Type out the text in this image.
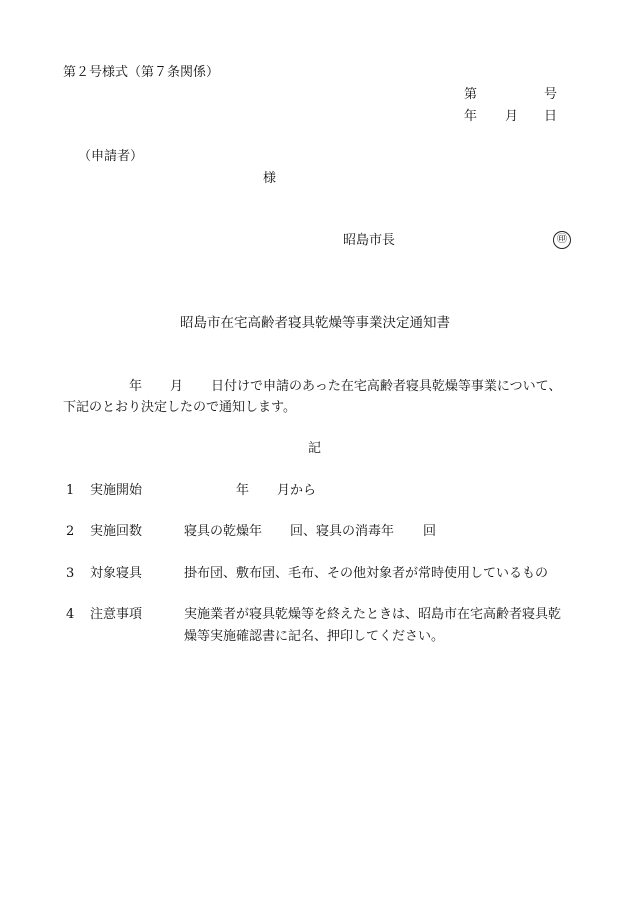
第２号様式（第７条関係）
第	号
年 月 日
（申請者）
様
昭島市長	㊞
昭島市在宅高齢者寝具乾燥等事業決定通知書
年 月 日付けで申請のあった在宅高齢者寝具乾燥等事業について、
下記のとおり決定したので通知します。
記
1 実施開始	年 月から
2 実施回数	寝具の乾燥年 回、寝具の消毒年 回
3 対象寝具	掛布団、敷布団、毛布、その他対象者が常時使用しているもの
4 注意事項	実施業者が寝具乾燥等を終えたときは、昭島市在宅高齢者寝具乾
燥等実施確認書に記名、押印してください。
